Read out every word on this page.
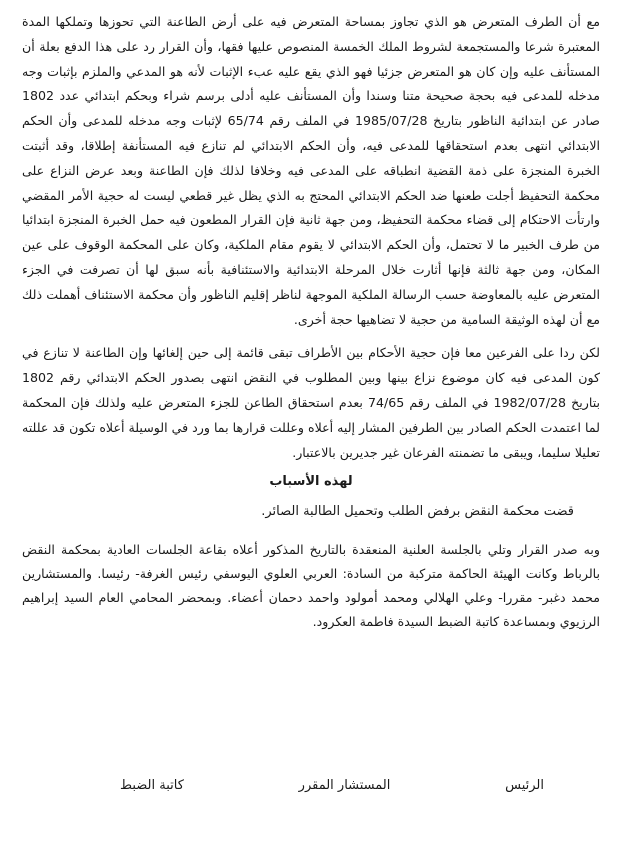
مع أن الطرف المتعرض هو الذي تجاوز بمساحة المتعرض فيه على أرض الطاعنة التي تحوزها وتملكها المدة المعتبرة شرعا والمستجمعة لشروط الملك الخمسة المنصوص عليها فقها، وأن القرار رد على هذا الدفع بعلة أن المستأنف عليه وإن كان هو المتعرض جزئيا فهو الذي يقع عليه عبء الإثبات لأنه هو المدعي والملزم بإثبات وجه مدخله للمدعى فيه بحجة صحيحة متنا وسندا وأن المستأنف عليه أدلى برسم شراء وبحكم ابتدائي عدد 1802 صادر عن ابتدائية الناظور بتاريخ 1985/07/28 في الملف رقم 65/74 لإثبات وجه مدخله للمدعى وأن الحكم الابتدائي انتهى بعدم استحقاقها للمدعى فيه، وأن الحكم الابتدائي لم تنازع فيه المستأنفة إطلاقا، وقد أثبتت الخبرة المنجزة على ذمة القضية انطباقه على المدعى فيه وخلافا لذلك فإن الطاعنة وبعد عرض النزاع على محكمة التحفيظ أجلت طعنها ضد الحكم الابتدائي المحتج به الذي يظل غير قطعي ليست له حجية الأمر المقضي وارتأت الاحتكام إلى قضاء محكمة التحفيظ، ومن جهة ثانية فإن القرار المطعون فيه حمل الخبرة المنجزة ابتدائيا من طرف الخبير ما لا تحتمل، وأن الحكم الابتدائي لا يقوم مقام الملكية، وكان على المحكمة الوقوف على عين المكان، ومن جهة ثالثة فإنها أثارت خلال المرحلة الابتدائية والاستئنافية بأنه سبق لها أن تصرفت في الجزء المتعرض عليه بالمعاوضة حسب الرسالة الملكية الموجهة لناظر إقليم الناظور وأن محكمة الاستئناف أهملت ذلك مع أن لهذه الوثيقة السامية من حجية لا تضاهيها حجة أخرى.

لكن ردا على الفرعين معا فإن حجية الأحكام بين الأطراف تبقى قائمة إلى حين إلغائها وإن الطاعنة لا تنازع في كون المدعى فيه كان موضوع نزاع بينها وبين المطلوب في النقض انتهى بصدور الحكم الابتدائي رقم 1802 بتاريخ 1982/07/28 في الملف رقم 74/65 بعدم استحقاق الطاعن للجزء المتعرض عليه ولذلك فإن المحكمة لما اعتمدت الحكم الصادر بين الطرفين المشار إليه أعلاه وعللت قرارها بما ورد في الوسيلة أعلاه تكون قد عللته تعليلا سليما، ويبقى ما تضمنته الفرعان غير جديرين بالاعتبار.

لهذه الأسباب
قضت محكمة النقض برفض الطلب وتحميل الطالبة الصائر.

وبه صدر القرار وتلي بالجلسة العلنية المنعقدة بالتاريخ المذكور أعلاه بقاعة الجلسات العادية بمحكمة النقض بالرباط وكانت الهيئة الحاكمة متركبة من السادة: العربي العلوي اليوسفي رئيس الغرفة- رئيسا. والمستشارين محمد دغبر- مقررا- وعلي الهلالي ومحمد أمولود واحمد دحمان أعضاء. وبمحضر المحامي العام السيد إبراهيم الرزيوي وبمساعدة كاتبة الضبط السيدة فاطمة العكرود.

الرئيس
المستشار المقرر
كاتبة الضبط
